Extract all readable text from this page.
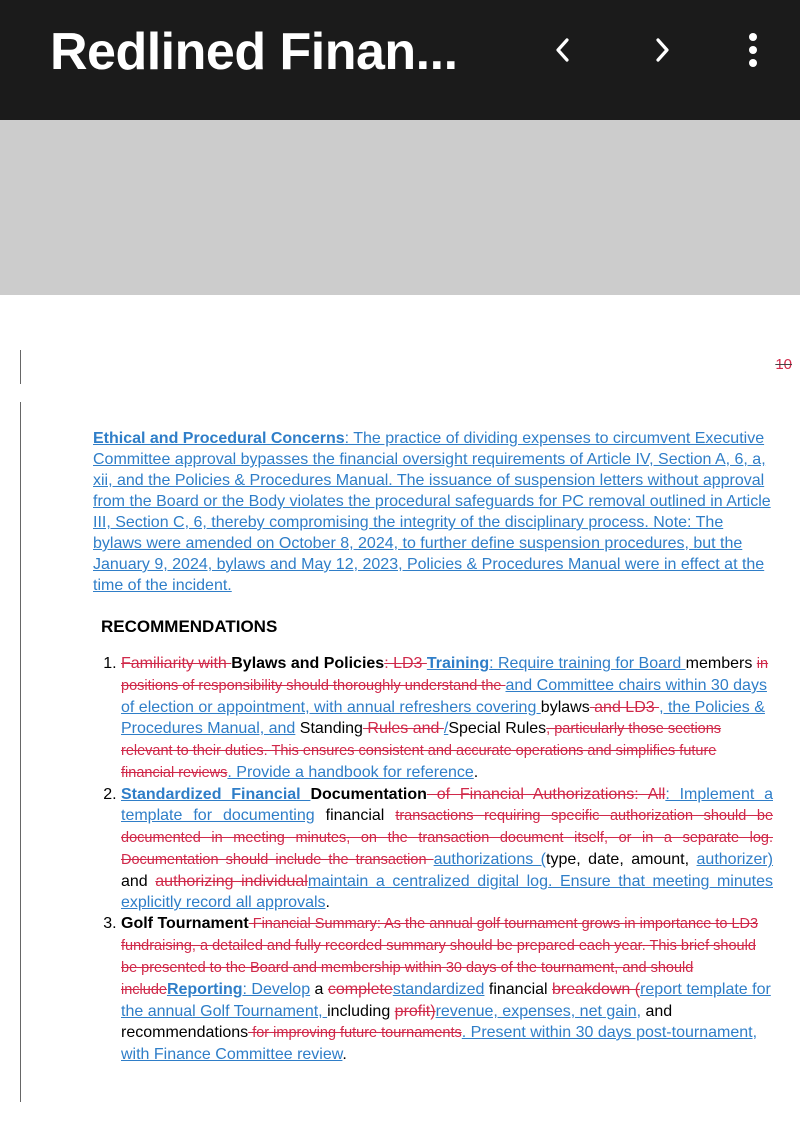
Redlined Finan...
10

Ethical and Procedural Concerns: The practice of dividing expenses to circumvent Executive Committee approval bypasses the financial oversight requirements of Article IV, Section A, 6, a, xii, and the Policies & Procedures Manual. The issuance of suspension letters without approval from the Board or the Body violates the procedural safeguards for PC removal outlined in Article III, Section C, 6, thereby compromising the integrity of the disciplinary process. Note: The bylaws were amended on October 8, 2024, to further define suspension procedures, but the January 9, 2024, bylaws and May 12, 2023, Policies & Procedures Manual were in effect at the time of the incident.

RECOMMENDATIONS
1. Familiarity with Bylaws and Policies: LD3 Training: Require training for Board members in positions of responsibility should thoroughly understand the and Committee chairs within 30 days of election or appointment, with annual refreshers covering bylaws and LD3 , the Policies & Procedures Manual, and Standing Rules and /Special Rules, particularly those sections relevant to their duties. This ensures consistent and accurate operations and simplifies future financial reviews. Provide a handbook for reference.
2. Standardized Financial Documentation of Financial Authorizations: All: Implement a template for documenting financial transactions requiring specific authorization should be documented in meeting minutes, on the transaction document itself, or in a separate log. Documentation should include the transaction authorizations (type, date, amount, authorizer) and authorizing individualmaintain a centralized digital log. Ensure that meeting minutes explicitly record all approvals.
3. Golf Tournament Financial Summary: As the annual golf tournament grows in importance to LD3 fundraising, a detailed and fully recorded summary should be prepared each year. This brief should be presented to the Board and membership within 30 days of the tournament, and should includeReporting: Develop a completestandardized financial breakdown (report template for the annual Golf Tournament, including profit)revenue, expenses, net gain, and recommendations for improving future tournaments. Present within 30 days post-tournament, with Finance Committee review.
